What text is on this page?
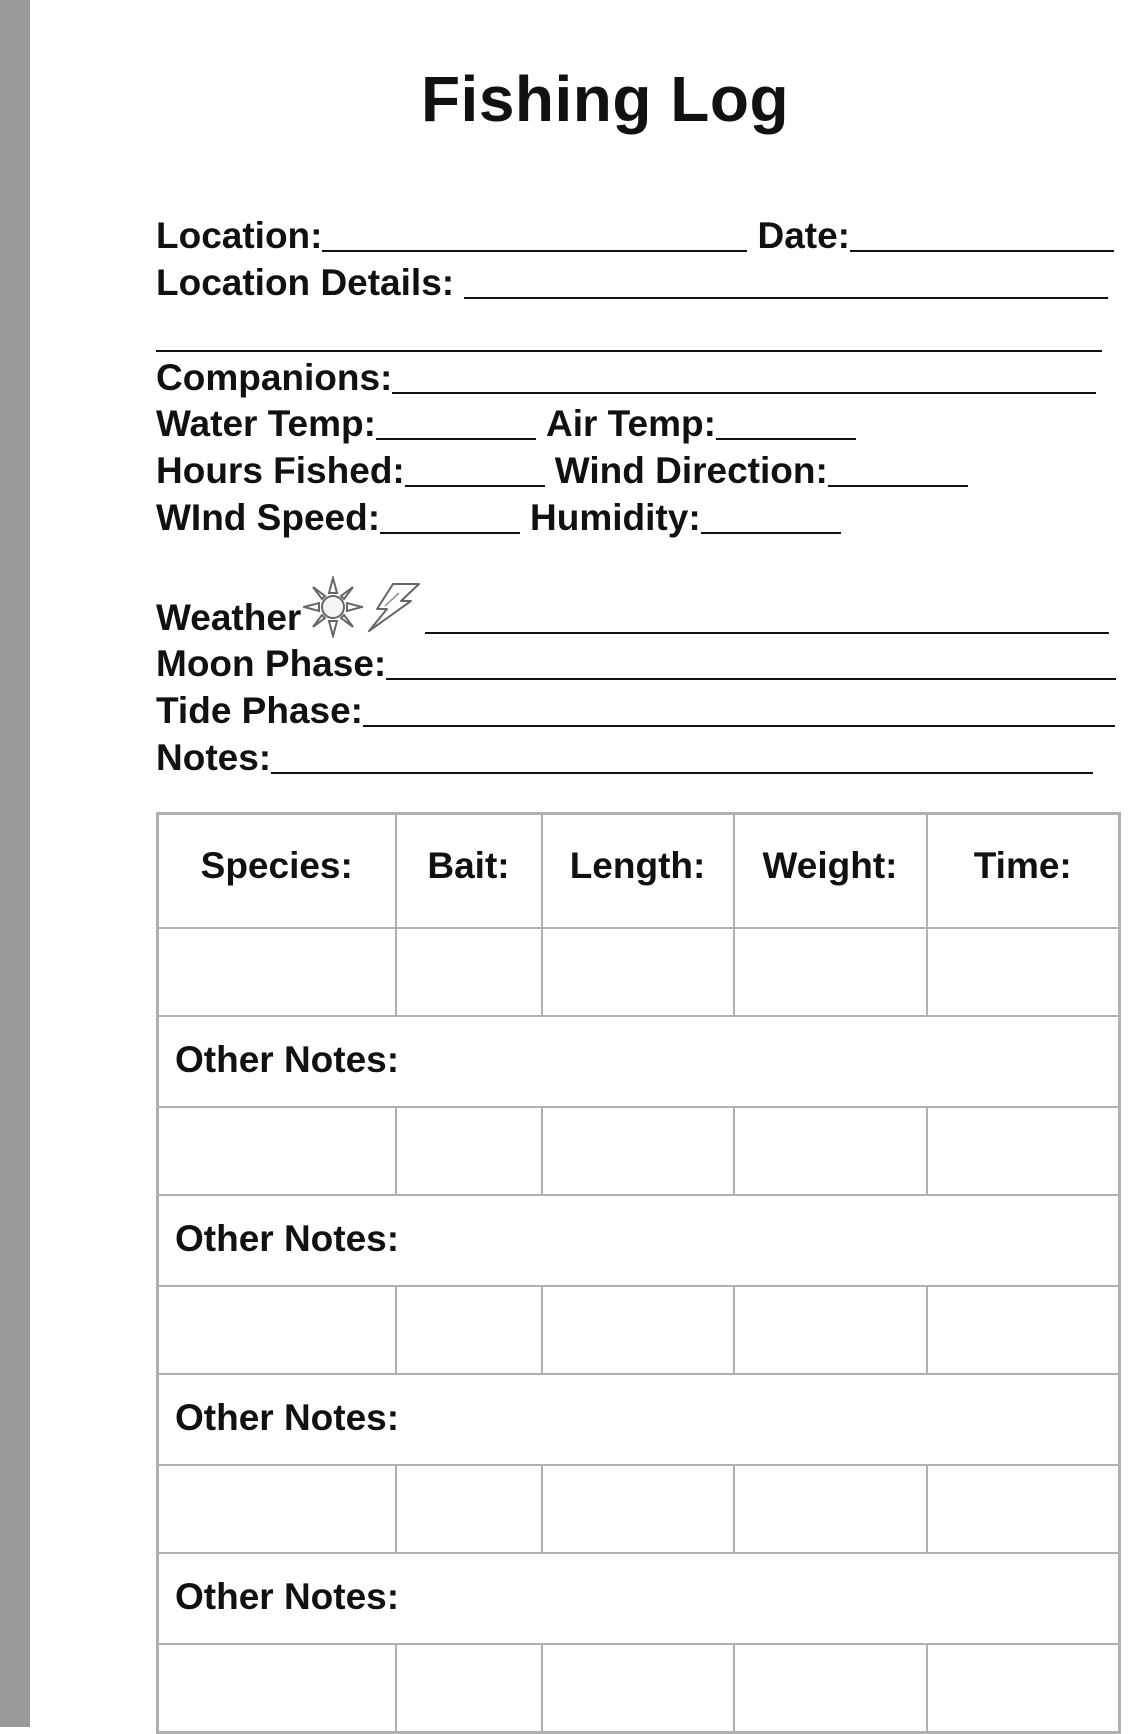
Fishing Log
Location:	Date:
Location Details:
Companions:
Water Temp:	Air Temp:
Hours Fished:	Wind Direction:
WInd Speed:	Humidity:
Weather
Moon Phase:
Tide Phase:
Notes:
Species:	Bait:	Length:	Weight:	Time:

Other Notes:				

Other Notes:				

Other Notes:				

Other Notes:				
